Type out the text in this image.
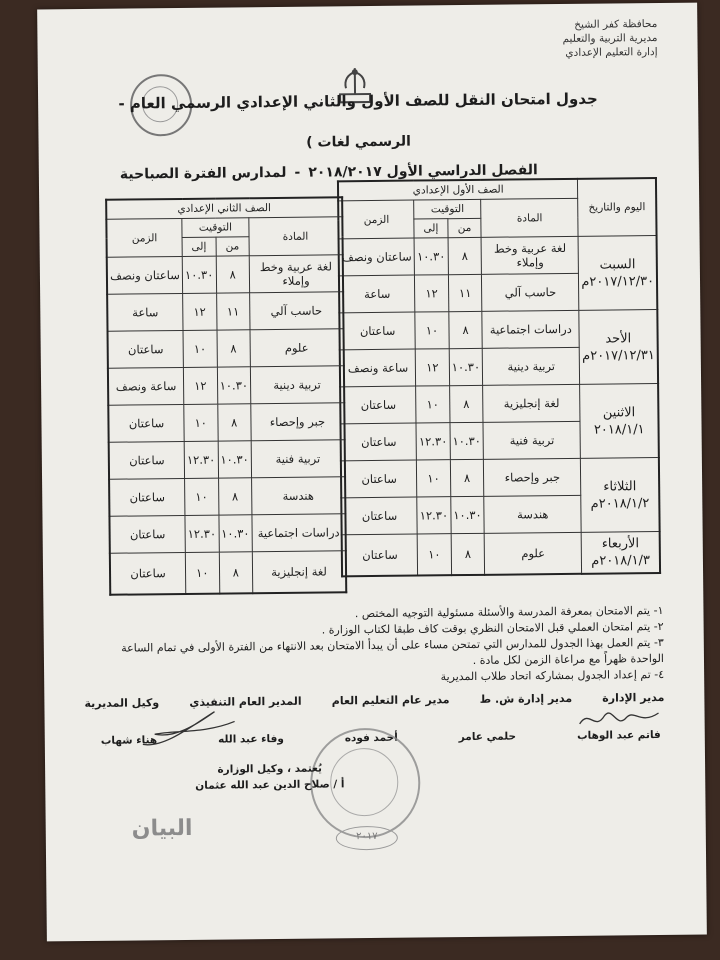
محافظة كفر الشيخ
مديرية التربية والتعليم
إدارة التعليم الإعدادي
جدول امتحان النقل للصف الأول والثاني الإعدادي الرسمي العام -
الرسمي لغات )
الفصل الدراسي الأول ٢٠١٨/٢٠١٧-لمدارس الفترة الصباحية
اليوم والتاريخ	الصف الأول الإعدادي			
	المادة	التوقيت		الزمن
		من	إلى	

السبت
٢٠١٧/١٢/٣٠م	لغة عربية وخط وإملاء	٨	١٠.٣٠	ساعتان ونصف
	حاسب آلي	١١	١٢	ساعة

الأحد
٢٠١٧/١٢/٣١م	دراسات اجتماعية	٨	١٠	ساعتان
	تربية دينية	١٠.٣٠	١٢	ساعة ونصف

الاثنين
٢٠١٨/١/١	لغة إنجليزية	٨	١٠	ساعتان
	تربية فنية	١٠.٣٠	١٢.٣٠	ساعتان

الثلاثاء
٢٠١٨/١/٢م	جبر وإحصاء	٨	١٠	ساعتان
	هندسة	١٠.٣٠	١٢.٣٠	ساعتان

الأربعاء
٢٠١٨/١/٣م	علوم	٨	١٠	ساعتان
الصف الثاني الإعدادي			
المادة	التوقيت		الزمن
	من	إلى	
لغة عربية وخط وإملاء	٨	١٠.٣٠	ساعتان ونصف
حاسب آلي	١١	١٢	ساعة
علوم	٨	١٠	ساعتان
تربية دينية	١٠.٣٠	١٢	ساعة ونصف
جبر وإحصاء	٨	١٠	ساعتان
تربية فنية	١٠.٣٠	١٢.٣٠	ساعتان
هندسة	٨	١٠	ساعتان
دراسات اجتماعية	١٠.٣٠	١٢.٣٠	ساعتان
لغة إنجليزية	٨	١٠	ساعتان
١- يتم الامتحان بمعرفة المدرسة والأسئلة مسئولية التوجيه المختص .
٢- يتم امتحان العملي قبل الامتحان النظري بوقت كاف طبقا لكتاب الوزارة .
٣- يتم العمل بهذا الجدول للمدارس التي تمتحن مساء على أن يبدأ الامتحان بعد الانتهاء من الفترة الأولى في تمام الساعة الواحدة ظهراً مع مراعاة الزمن لكل مادة .
٤- تم إعداد الجدول بمشاركه اتحاد طلاب المديرية
مدير الإدارة
مدير إدارة ش. ط
مدير عام التعليم العام
المدير العام التنفيذي
وكيل المديرية
فاتم عبد الوهاب
حلمي عامر
أحمد فوده
وفاء عبد الله
هناء شهاب
٢٠١٧
يُعتمد ، وكيل الوزارة
أ / صلاح الدين عبد الله عثمان
البيان
